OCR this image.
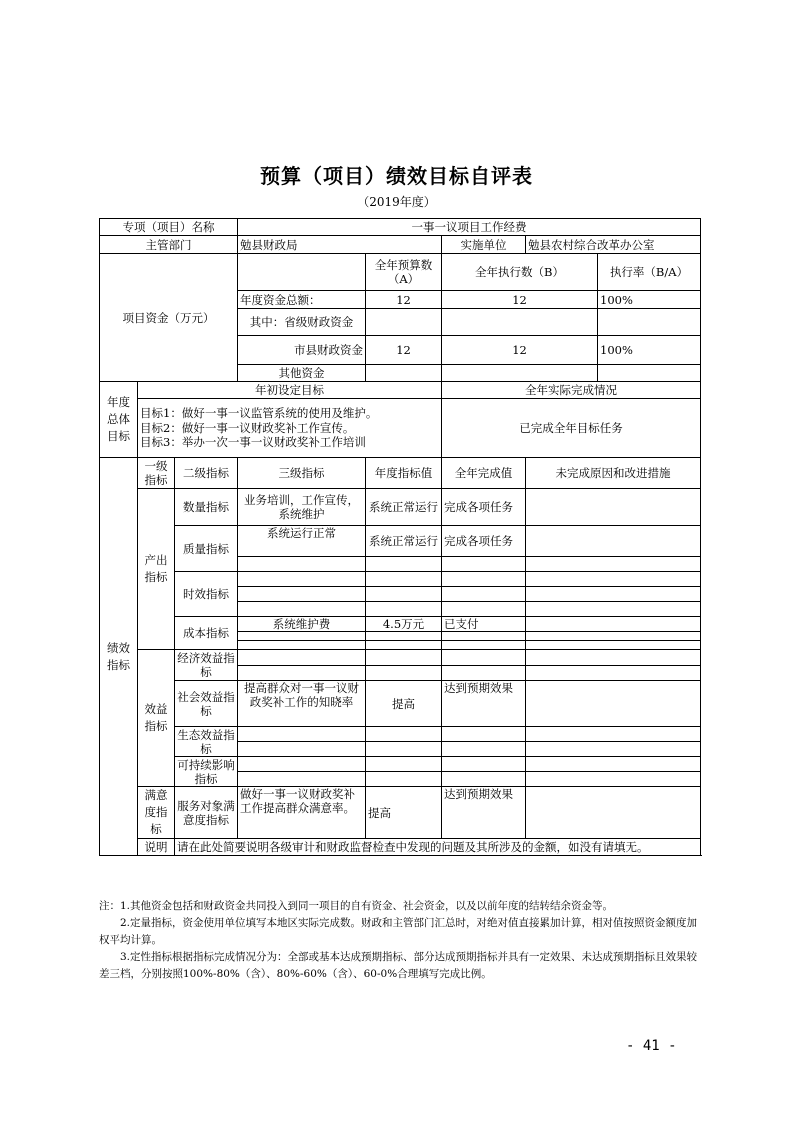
预算（项目）绩效目标自评表
（2019年度）
专项（项目）名称			一事一议项目工作经费				
主管部门			勉县财政局		实施单位	勉县农村综合改革办公室	
项目资金（万元）				全年预算数（A）	全年执行数（B）		执行率（B/A）
			年度资金总额：	12	12		100%
			其中：省级财政资金				
			市县财政资金	12	12		100%
			其他资金				
年度总体目标	年初设定目标				全年实际完成情况		

	目标1：做好一事一议监管系统的使用及维护。
目标2：做好一事一议财政奖补工作宣传。
目标3：举办一次一事一议财政奖补工作培训				已完成全年目标任务		
绩效指标	一级指标	二级指标	三级指标	年度指标值	全年完成值	未完成原因和改进措施	
	产出指标	数量指标	业务培训，工作宣传，系统维护	系统正常运行	完成各项任务		
		质量指标	系统运行正常	系统正常运行	完成各项任务		

		时效指标					

		成本指标	系统维护费	4.5万元	已支付		

	效益指标	经济效益指标					

		社会效益指标	提高群众对一事一议财政奖补工作的知晓率	提高	达到预期效果		
		生态效益指标					

		可持续影响指标					

	满意度指标	服务对象满意度指标	做好一事一议财政奖补工作提高群众满意率。	提高	达到预期效果		
	说明	请在此处简要说明各级审计和财政监督检查中发现的问题及其所涉及的金额，如没有请填无。					

注：1.其他资金包括和财政资金共同投入到同一项目的自有资金、社会资金，以及以前年度的结转结余资金等。

2.定量指标，资金使用单位填写本地区实际完成数。财政和主管部门汇总时，对绝对值直接累加计算，相对值按照资金额度加权平均计算。

3.定性指标根据指标完成情况分为：全部或基本达成预期指标、部分达成预期指标并具有一定效果、未达成预期指标且效果较差三档，分别按照100%-80%（含）、80%-60%（含）、60-0%合理填写完成比例。

- 41 -
